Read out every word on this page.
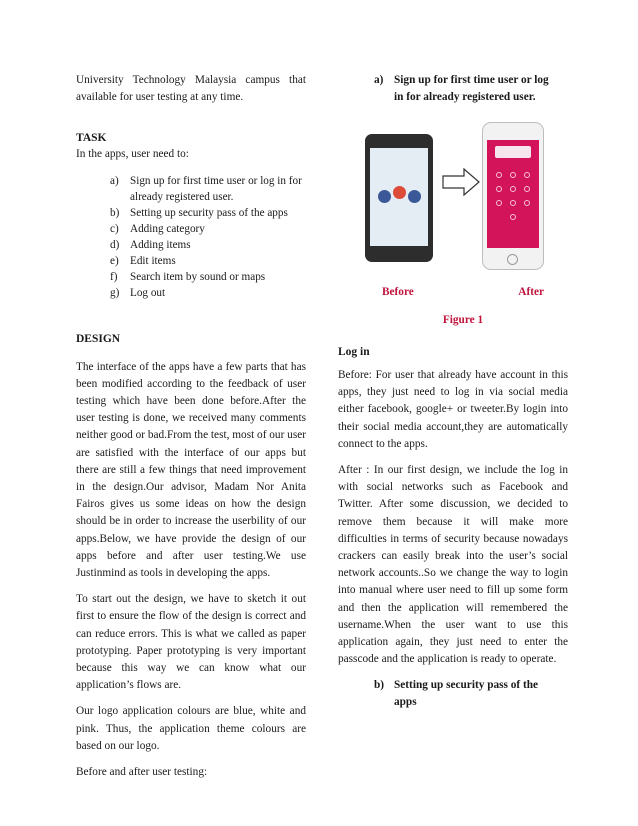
University Technology Malaysia campus that available for user testing at any time.

TASK

In the apps, user need to:

a)	Sign up for first time user or log in for already registered user.
b) Setting up security pass of the apps
c)	Adding category
d) Adding items
e)	Edit items
f)	Search item by sound or maps
g) Log out
DESIGN

The interface of the apps have a few parts that has been modified according to the feedback of user testing which have been done before.After the user testing is done, we received many comments neither good or bad.From the test, most of our user are satisfied with the interface of our apps but there are still a few things that need improvement in the design.Our advisor, Madam Nor Anita Fairos gives us some ideas on how the design should be in order to increase the userbility of our apps.Below, we have provide the design of our apps before and after user testing.We use Justinmind as tools in developing the apps.

To start out the design, we have to sketch it out first to ensure the flow of the design is correct and can reduce errors. This is what we called as paper prototyping. Paper prototyping is very important because this way we can know what our application’s flows are.

Our logo application colours are blue, white and pink. Thus, the application theme colours are based on our logo.

Before and after user testing:

a) Sign up for first time user or log in for already registered user.
Before	After
Figure 1
Log in

Before: For user that already have account in this apps, they just need to log in via social media either facebook, google+ or tweeter.By login into their social media account,they are automatically connect to the apps.

After : In our first design, we include the log in with social networks such as Facebook and Twitter. After some discussion, we decided to remove them because it will make more difficulties in terms of security because nowadays crackers can easily break into the user’s social network accounts..So we change the way to login into manual where user need to fill up some form and then the application will remembered the username.When the user want to use this application again, they just need to enter the passcode and the application is ready to operate.

b) Setting up security pass of the apps
